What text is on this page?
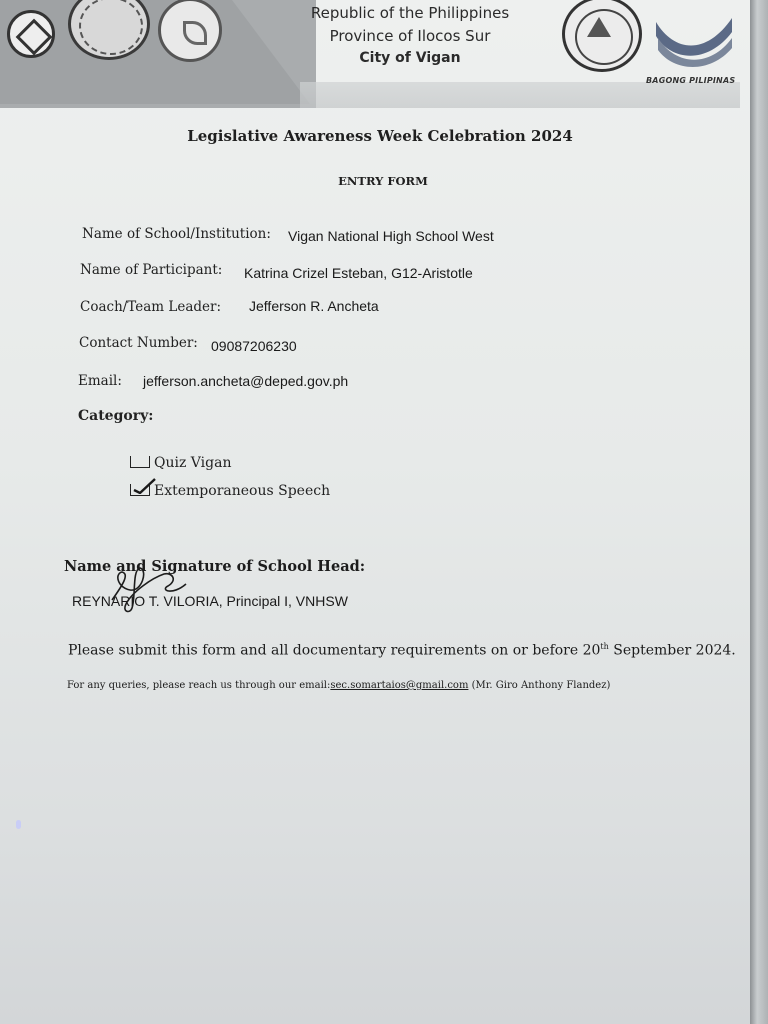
Republic of the Philippines
Province of Ilocos Sur
City of Vigan
BAGONG PILIPINAS
Legislative Awareness Week Celebration 2024
ENTRY FORM
Name of School/Institution: Vigan National High School West
Name of Participant: Katrina Crizel Esteban, G12-Aristotle
Coach/Team Leader: Jefferson R. Ancheta
Contact Number: 09087206230
Email: jefferson.ancheta@deped.gov.ph
Category:
Quiz Vigan
Extemporaneous Speech
Name and Signature of School Head:
REYNARIO T. VILORIA, Principal I, VNHSW
Please submit this form and all documentary requirements on or before 20th September 2024.
For any queries, please reach us through our email:sec.somartaios@gmail.com (Mr. Giro Anthony Flandez)
